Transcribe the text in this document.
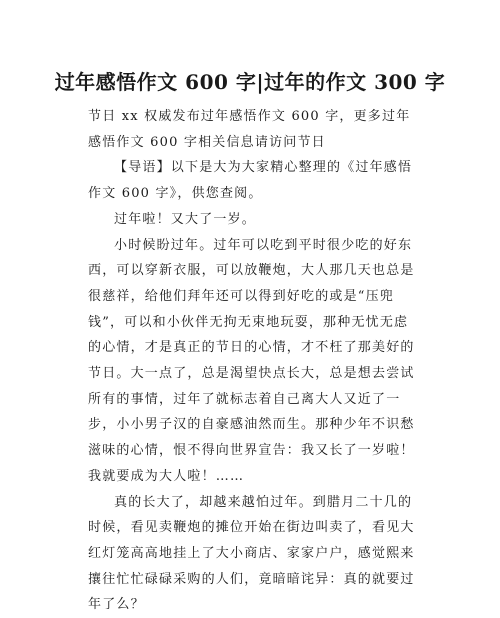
过年感悟作文 600 字|过年的作文 300 字

节日 xx 权威发布过年感悟作文 600 字，更多过年感悟作文 600 字相关信息请访问节日

【导语】以下是大为大家精心整理的《过年感悟作文 600 字》，供您查阅。

过年啦！又大了一岁。

小时候盼过年。过年可以吃到平时很少吃的好东西，可以穿新衣服，可以放鞭炮，大人那几天也总是很慈祥，给他们拜年还可以得到好吃的或是“压兜钱”，可以和小伙伴无拘无束地玩耍，那种无忧无虑的心情，才是真正的节日的心情，才不枉了那美好的节日。大一点了，总是渴望快点长大，总是想去尝试所有的事情，过年了就标志着自己离大人又近了一步，小小男子汉的自豪感油然而生。那种少年不识愁滋味的心情，恨不得向世界宣告：我又长了一岁啦！我就要成为大人啦！……

真的长大了，却越来越怕过年。到腊月二十几的时候，看见卖鞭炮的摊位开始在街边叫卖了，看见大红灯笼高高地挂上了大小商店、家家户户，感觉熙来攘往忙忙碌碌采购的人们，竟暗暗诧异：真的就要过年了么？
